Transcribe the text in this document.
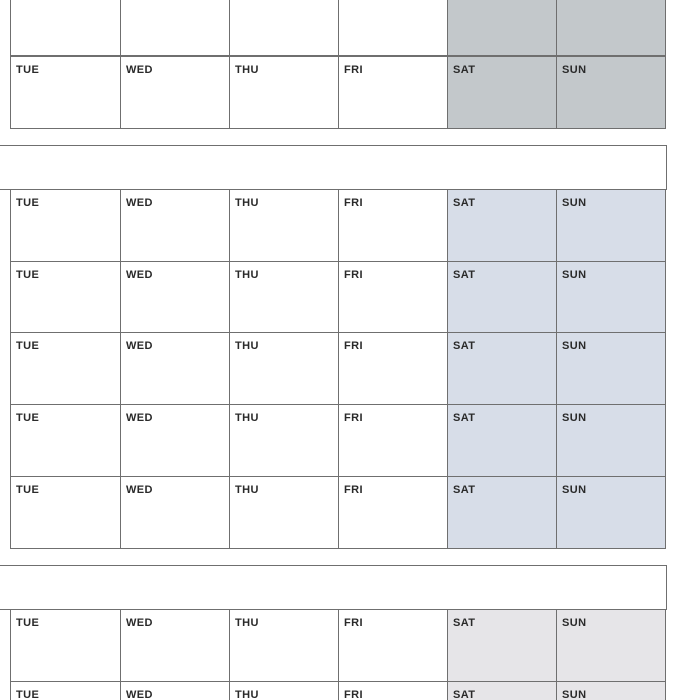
TUE	WED	THU	FRI	SAT	SUN
TUE	WED	THU	FRI	SAT	SUN
TUE	WED	THU	FRI	SAT	SUN
TUE	WED	THU	FRI	SAT	SUN
TUE	WED	THU	FRI	SAT	SUN
TUE	WED	THU	FRI	SAT	SUN
TUE	WED	THU	FRI	SAT	SUN
TUE	WED	THU	FRI	SAT	SUN
